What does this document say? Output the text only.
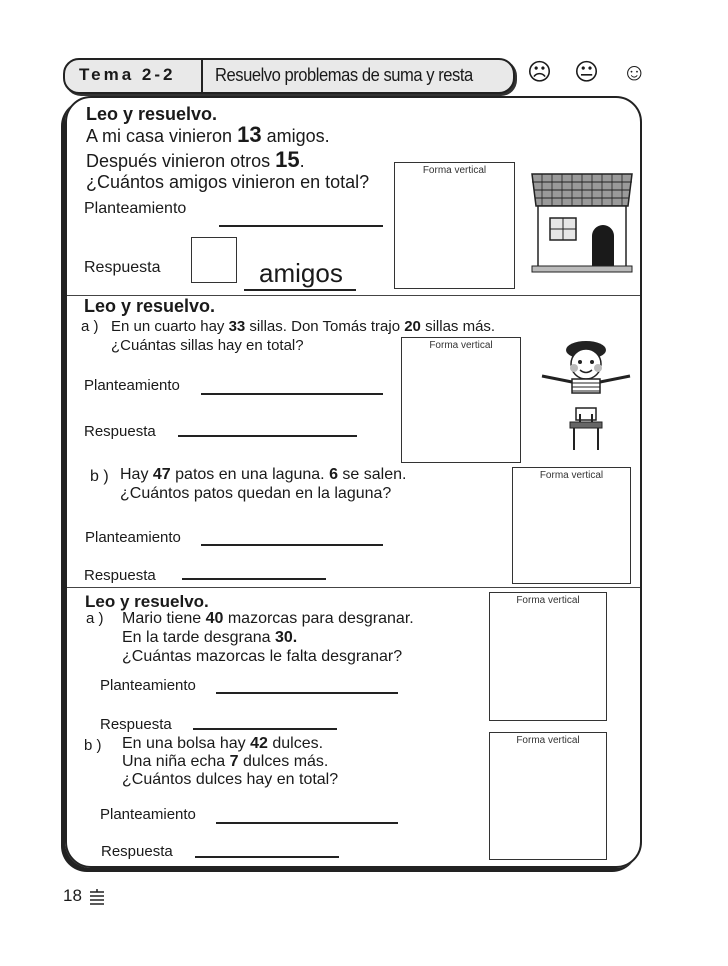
Tema 2-2 Resuelvo problemas de suma y resta ☹ 😐 ☺
Leo y resuelvo.
A mi casa vinieron 13 amigos.
Después vinieron otros 15.
¿Cuántos amigos vinieron en total?
Planteamiento
Respuesta	amigos
Forma vertical
Leo y resuelvo.
a ) En un cuarto hay 33 sillas. Don Tomás trajo 20 sillas más.
¿Cuántas sillas hay en total?
Planteamiento
Respuesta
Forma vertical
b ) Hay 47 patos en una laguna. 6 se salen.
¿Cuántos patos quedan en la laguna?
Planteamiento
Respuesta
Forma vertical
Leo y resuelvo.
a ) Mario tiene 40 mazorcas para desgranar.
En la tarde desgrana 30.
¿Cuántas mazorcas le falta desgranar?
Planteamiento
Respuesta
Forma vertical
b ) En una bolsa hay 42 dulces.
Una niña echa 7 dulces más.
¿Cuántos dulces hay en total?
Planteamiento
Respuesta
Forma vertical
18
